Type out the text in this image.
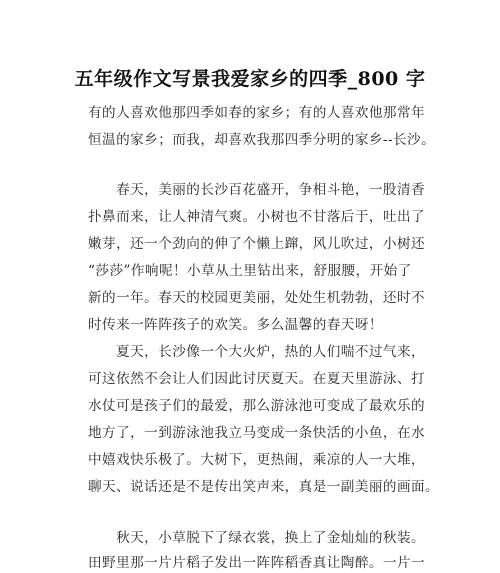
五年级作文写景我爱家乡的四季_800 字
有的人喜欢他那四季如春的家乡；有的人喜欢他那常年
恒温的家乡；而我，却喜欢我那四季分明的家乡--长沙。
　　春天，美丽的长沙百花盛开，争相斗艳，一股清香
扑鼻而来，让人神清气爽。小树也不甘落后于，吐出了
嫩芽，还一个劲向的伸了个懒上蹿，风儿吹过，小树还
“莎莎”作响呢！小草从土里钻出来，舒服腰，开始了
新的一年。春天的校园更美丽，处处生机勃勃，还时不
时传来一阵阵孩子的欢笑。多么温馨的春天呀！
　　夏天，长沙像一个大火炉，热的人们喘不过气来，
可这依然不会让人们因此讨厌夏天。在夏天里游泳、打
水仗可是孩子们的最爱，那么游泳池可变成了最欢乐的
地方了，一到游泳池我立马变成一条快活的小鱼，在水
中嬉戏快乐极了。大树下，更热闹，乘凉的人一大堆，
聊天、说话还是不是传出笑声来，真是一副美丽的画面。
　　秋天，小草脱下了绿衣裳，换上了金灿灿的秋装。
田野里那一片片稻子发出一阵阵稻香真让陶醉。一片一
